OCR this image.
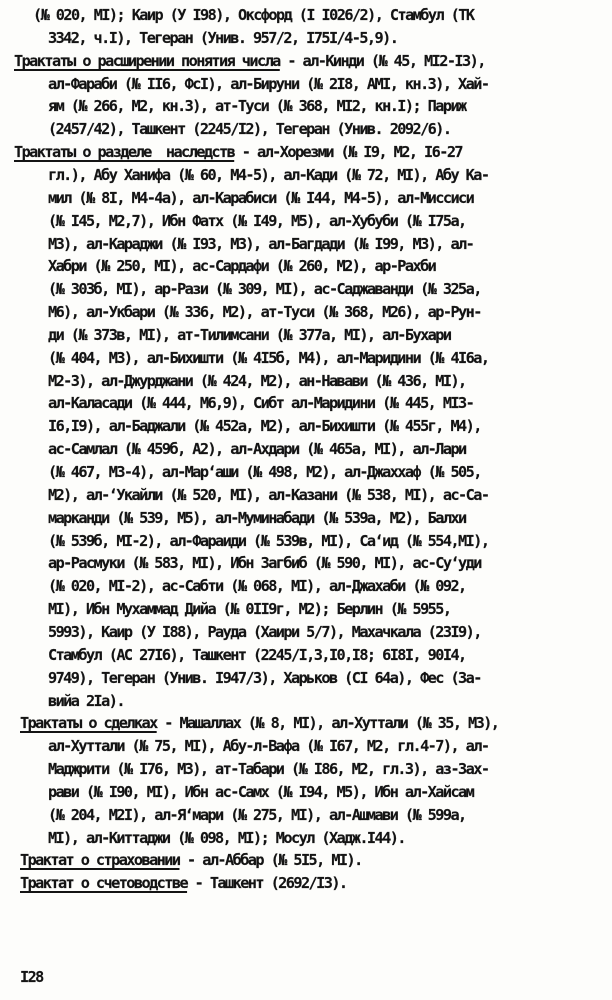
(№ 020, МI); Каир (У I98), Оксфорд (I I026/2), Стамбул (ТК
3342, ч.I), Тегеран (Унив. 957/2, I75I/4-5,9).
Трактаты о расширении понятия числа - ал-Кинди (№ 45, МI2-I3),
ал-Фараби (№ II6, ФсI), ал-Бируни (№ 2I8, АМI, кн.3), Хай-
ям (№ 266, М2, кн.3), ат-Туси (№ 368, МI2, кн.I); Париж
(2457/42), Ташкент (2245/I2), Тегеран (Унив. 2092/6).
Трактаты о разделе  наследств - ал-Хорезми (№ I9, М2, I6-27
гл.), Абу Ханифа (№ 60, М4-5), ал-Кади (№ 72, МI), Абу Ка-
мил (№ 8I, М4-4а), ал-Карабиси (№ I44, М4-5), ал-Миссиси
(№ I45, М2,7), Ибн Фатх (№ I49, М5), ал-Хубуби (№ I75а,
М3), ал-Караджи (№ I93, М3), ал-Багдади (№ I99, М3), ал-
Хабри (№ 250, МI), ас-Сардафи (№ 260, М2), ар-Рахби
(№ 303б, МI), ар-Рази (№ 309, МI), ас-Саджаванди (№ 325а,
М6), ал-Укбари (№ 336, М2), ат-Туси (№ 368, М26), ар-Рун-
ди (№ 373в, МI), ат-Тилимсани (№ 377а, МI), ал-Бухари
(№ 404, М3), ал-Бихишти (№ 4I5б, М4), ал-Маридини (№ 4I6а,
М2-3), ал-Джурджани (№ 424, М2), ан-Навави (№ 436, МI),
ал-Каласади (№ 444, М6,9), Сибт ал-Маридини (№ 445, МI3-
I6,I9), ал-Баджали (№ 452а, М2), ал-Бихишти (№ 455г, М4),
ас-Самлал (№ 459б, А2), ал-Ахдари (№ 465а, МI), ал-Лари
(№ 467, М3-4), ал-Мар‘аши (№ 498, М2), ал-Джаххаф (№ 505,
М2), ал-‘Укайли (№ 520, МI), ал-Казани (№ 538, МI), ас-Са-
марканди (№ 539, М5), ал-Муминабади (№ 539а, М2), Балхи
(№ 539б, МI-2), ал-Фараиди (№ 539в, МI), Са‘ид (№ 554,МI),
ар-Расмуки (№ 583, МI), Ибн Загбиб (№ 590, МI), ас-Су‘уди
(№ 020, МI-2), ас-Сабти (№ 068, МI), ал-Джахаби (№ 092,
МI), Ибн Мухаммад Дийа (№ 0II9г, М2); Берлин (№ 5955,
5993), Каир (У I88), Рауда (Хаири 5/7), Махачкала (23I9),
Стамбул (АС 27I6), Ташкент (2245/I,3,I0,I8; 6I8I, 90I4,
9749), Тегеран (Унив. I947/3), Харьков (CI 64а), Фес (За-
вийа 2Iа).
Трактаты о сделках - Машаллах (№ 8, МI), ал-Хуттали (№ 35, М3),
ал-Хуттали (№ 75, МI), Абу-л-Вафа (№ I67, М2, гл.4-7), ал-
Маджрити (№ I76, М3), ат-Табари (№ I86, М2, гл.3), аз-Зах-
рави (№ I90, МI), Ибн ас-Самх (№ I94, М5), Ибн ал-Хайсам
(№ 204, М2I), ал-Я‘мари (№ 275, МI), ал-Ашмави (№ 599а,
МI), ал-Киттаджи (№ 098, МI); Мосул (Хадж.I44).
Трактат о страховании - ал-Аббар (№ 5I5, МI).
Трактат о счетоводстве - Ташкент (2692/I3).
I28
